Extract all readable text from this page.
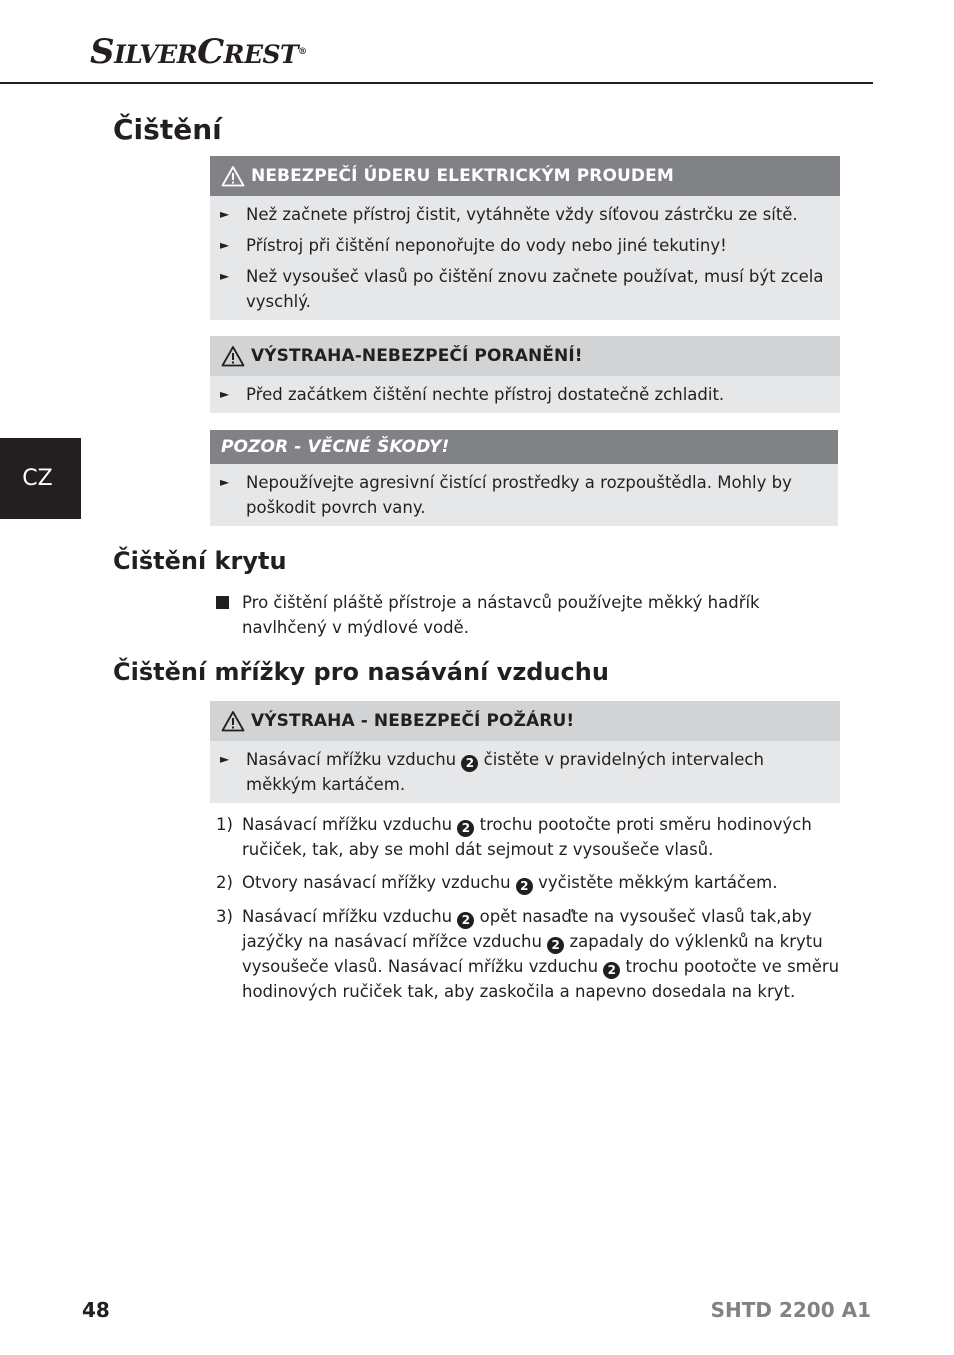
SILVERCREST®
CZ
Čištění
NEBEZPEČÍ ÚDERU ELEKTRICKÝM PROUDEM
►	Než začnete přístroj čistit, vytáhněte vždy síťovou zástrčku ze sítě.
►	Přístroj při čištění neponořujte do vody nebo jiné tekutiny!
►	Než vysoušeč vlasů po čištění znovu začnete používat, musí být zcela vyschlý.
VÝSTRAHA-NEBEZPEČÍ PORANĚNÍ!
►	Před začátkem čištění nechte přístroj dostatečně zchladit.
POZOR - VĚCNÉ ŠKODY!
►	Nepoužívejte agresivní čistící prostředky a rozpouštědla. Mohly by poškodit povrch vany.
Čištění krytu
Pro čištění pláště přístroje a nástavců používejte měkký hadřík navlhčený v mýdlové vodě.
Čištění mřížky pro nasávání vzduchu
VÝSTRAHA - NEBEZPEČÍ POŽÁRU!
►	Nasávací mřížku vzduchu 2 čistěte v pravidelných intervalech měkkým kartáčem.
1) Nasávací mřížku vzduchu 2 trochu pootočte proti směru hodinových ručiček, tak, aby se mohl dát sejmout z vysoušeče vlasů.
2) Otvory nasávací mřížky vzduchu 2 vyčistěte měkkým kartáčem.
3) Nasávací mřížku vzduchu 2 opět nasaďte na vysoušeč vlasů tak,aby jazýčky na nasávací mřížce vzduchu 2 zapadaly do výklenků na krytu vysoušeče vlasů. Nasávací mřížku vzduchu 2 trochu pootočte ve směru hodinových ručiček tak, aby zaskočila a napevno dosedala na kryt.
48	SHTD 2200 A1
